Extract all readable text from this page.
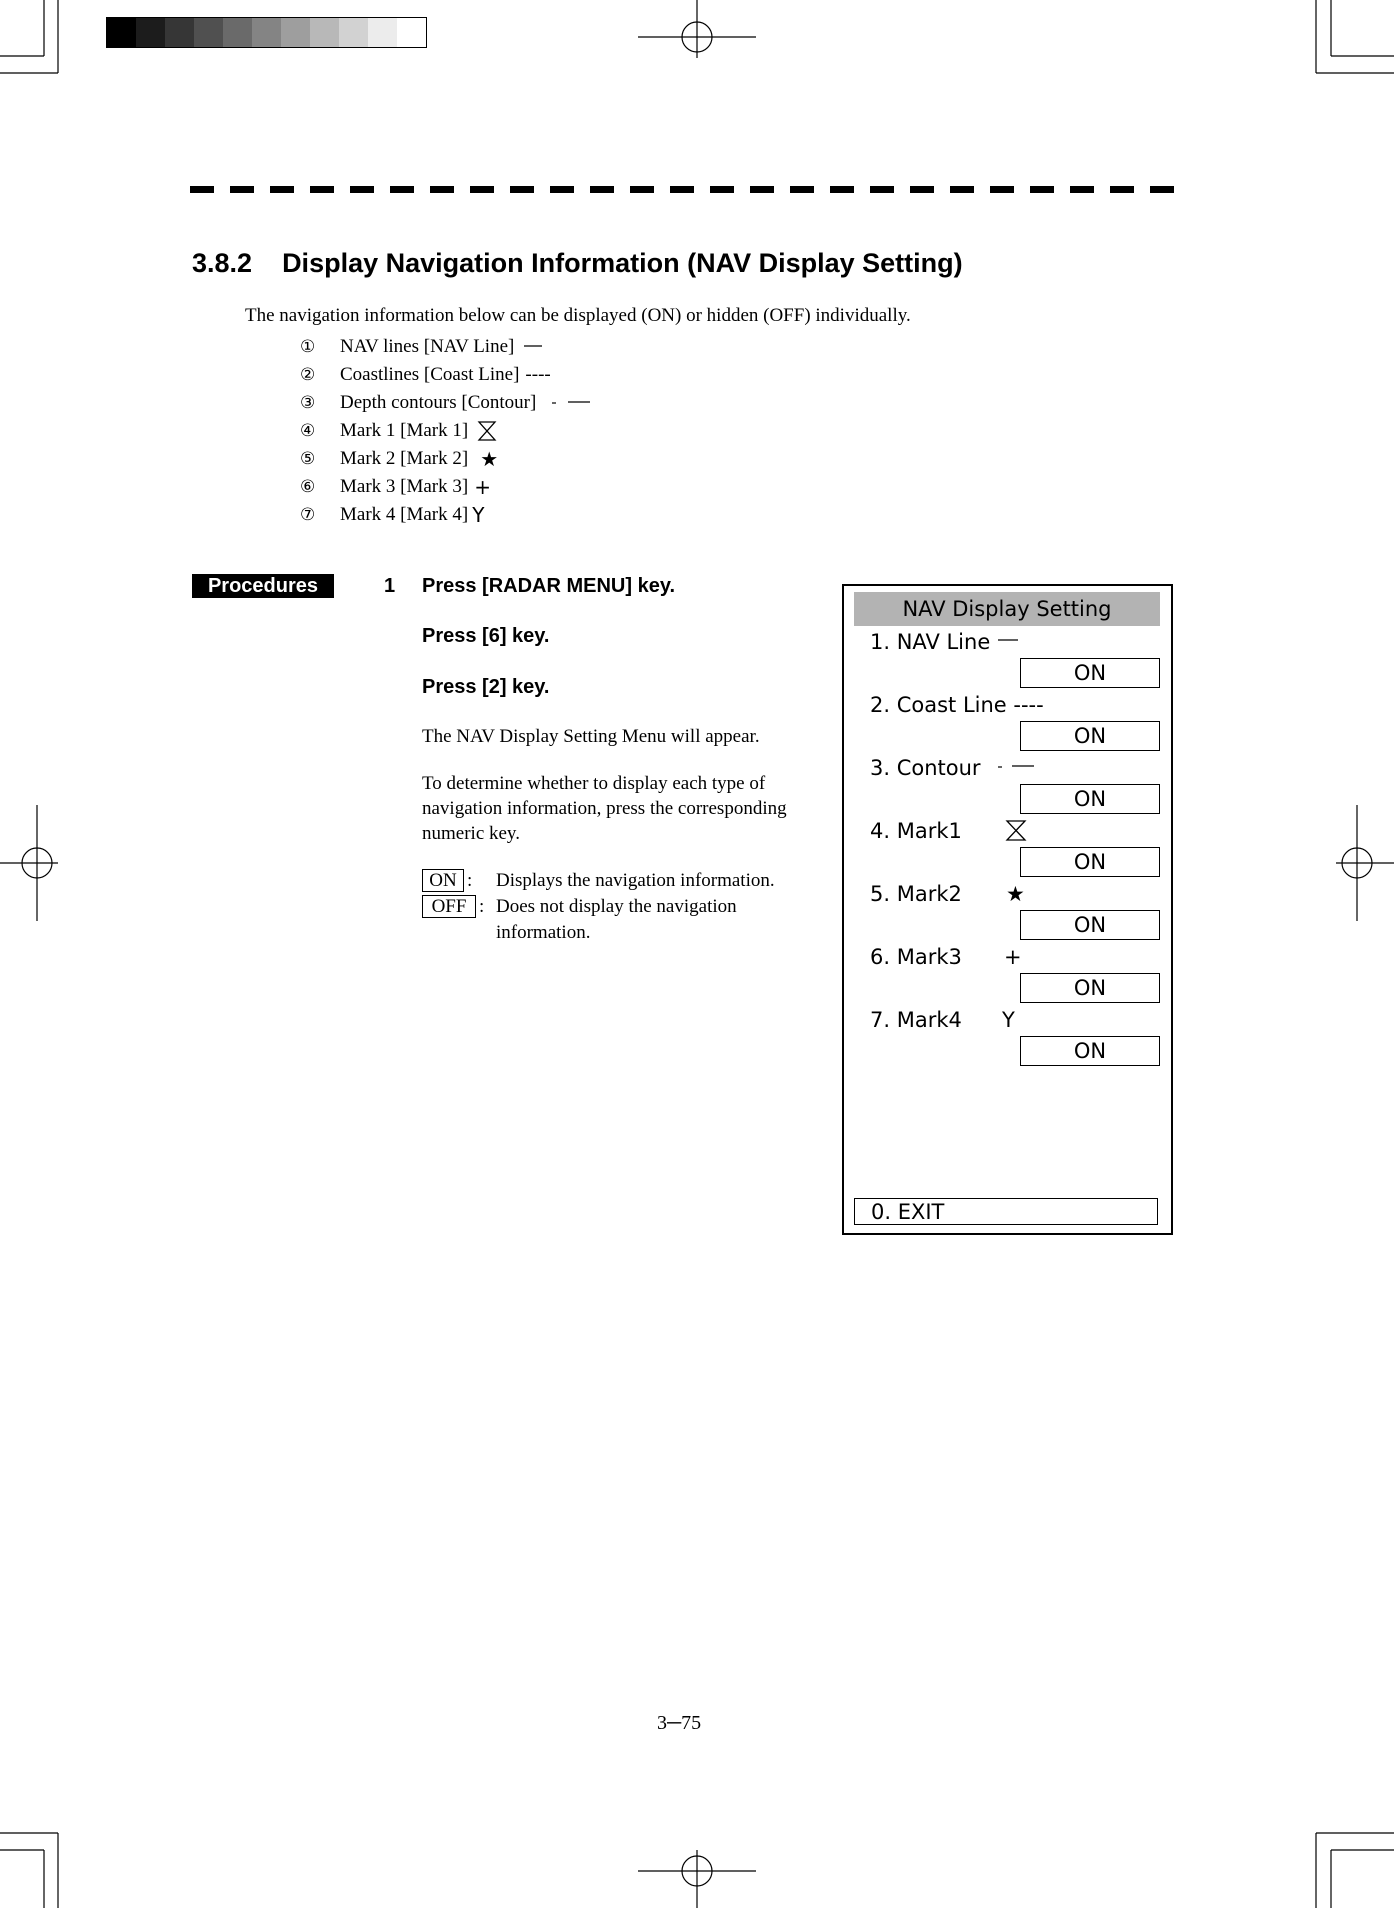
3.8.2 Display Navigation Information (NAV Display Setting)
The navigation information below can be displayed (ON) or hidden (OFF) individually.
①	NAV lines [NAV Line]
②	Coastlines [Coast Line] ----
③	Depth contours [Contour]
④	Mark 1 [Mark 1]
⑤	Mark 2 [Mark 2] ★
⑥	Mark 3 [Mark 3] +
⑦	Mark 4 [Mark 4] Y
Procedures	1 Press [RADAR MENU] key.
Press [6] key.
Press [2] key.
The NAV Display Setting Menu will appear.
To determine whether to display each type of
navigation information, press the corresponding
numeric key.
ON : Displays the navigation information.
OFF : Does not display the navigation
information.
NAV Display Setting
1. NAV Line
ON
2. Coast Line ----
ON
3. Contour
ON
4. Mark1
ON
5. Mark2 ★
ON
6. Mark3 +
ON
7. Mark4 Y
ON
0. EXIT
3─75
